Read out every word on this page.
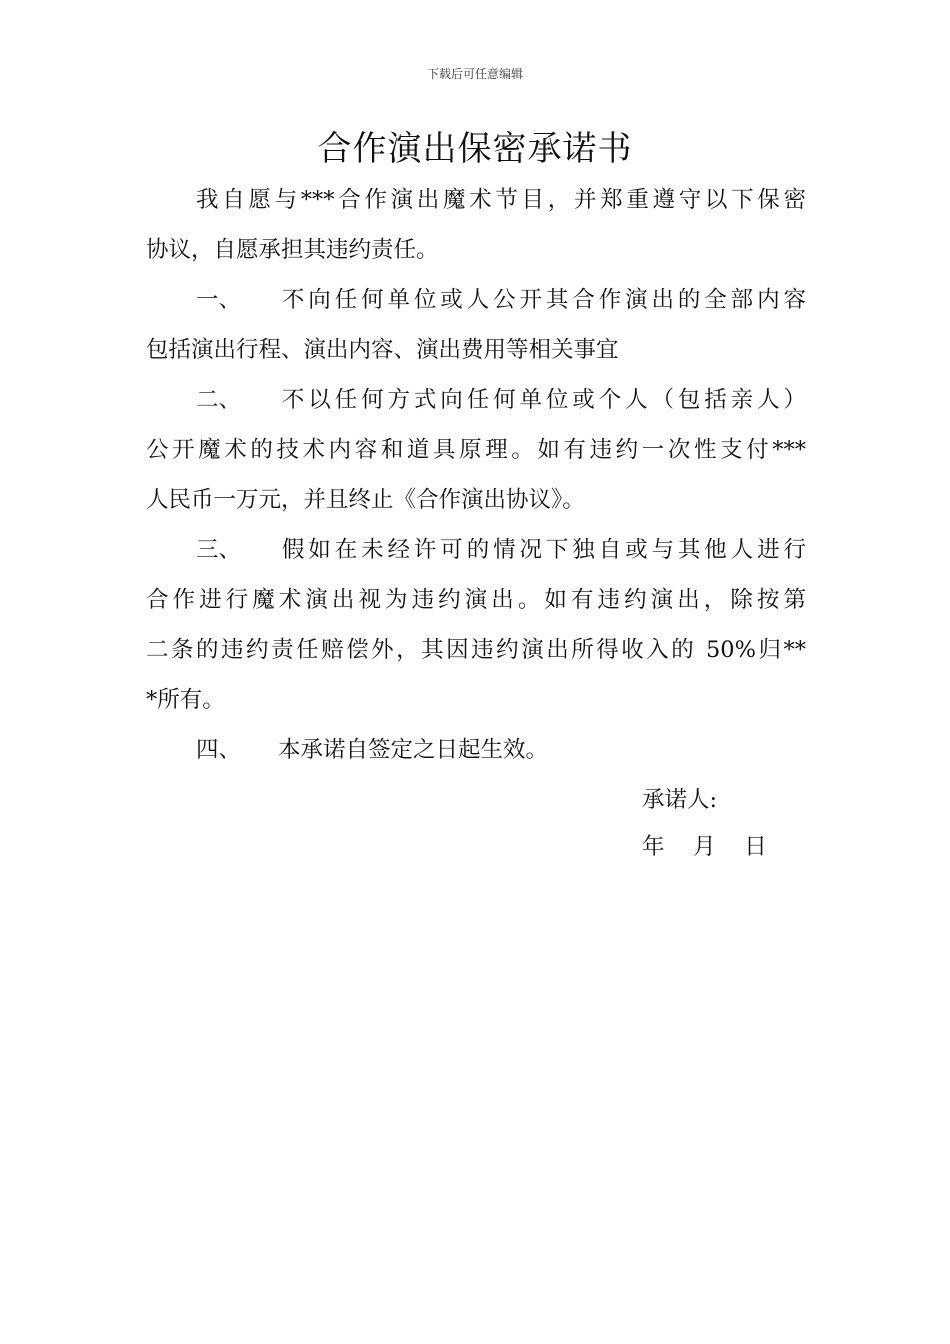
下载后可任意编辑
合作演出保密承诺书
我自愿与***合作演出魔术节目，并郑重遵守以下保密
协议，自愿承担其违约责任。
一、 不向任何单位或人公开其合作演出的全部内容
包括演出行程、演出内容、演出费用等相关事宜
二、 不以任何方式向任何单位或个人（包括亲人）
公开魔术的技术内容和道具原理。如有违约一次性支付***
人民币一万元，并且终止《合作演出协议》。
三、 假如在未经许可的情况下独自或与其他人进行
合作进行魔术演出视为违约演出。如有违约演出，除按第
二条的违约责任赔偿外，其因违约演出所得收入的 50%归**
*所有。
四、 本承诺自签定之日起生效。
承诺人:
年    月    日
